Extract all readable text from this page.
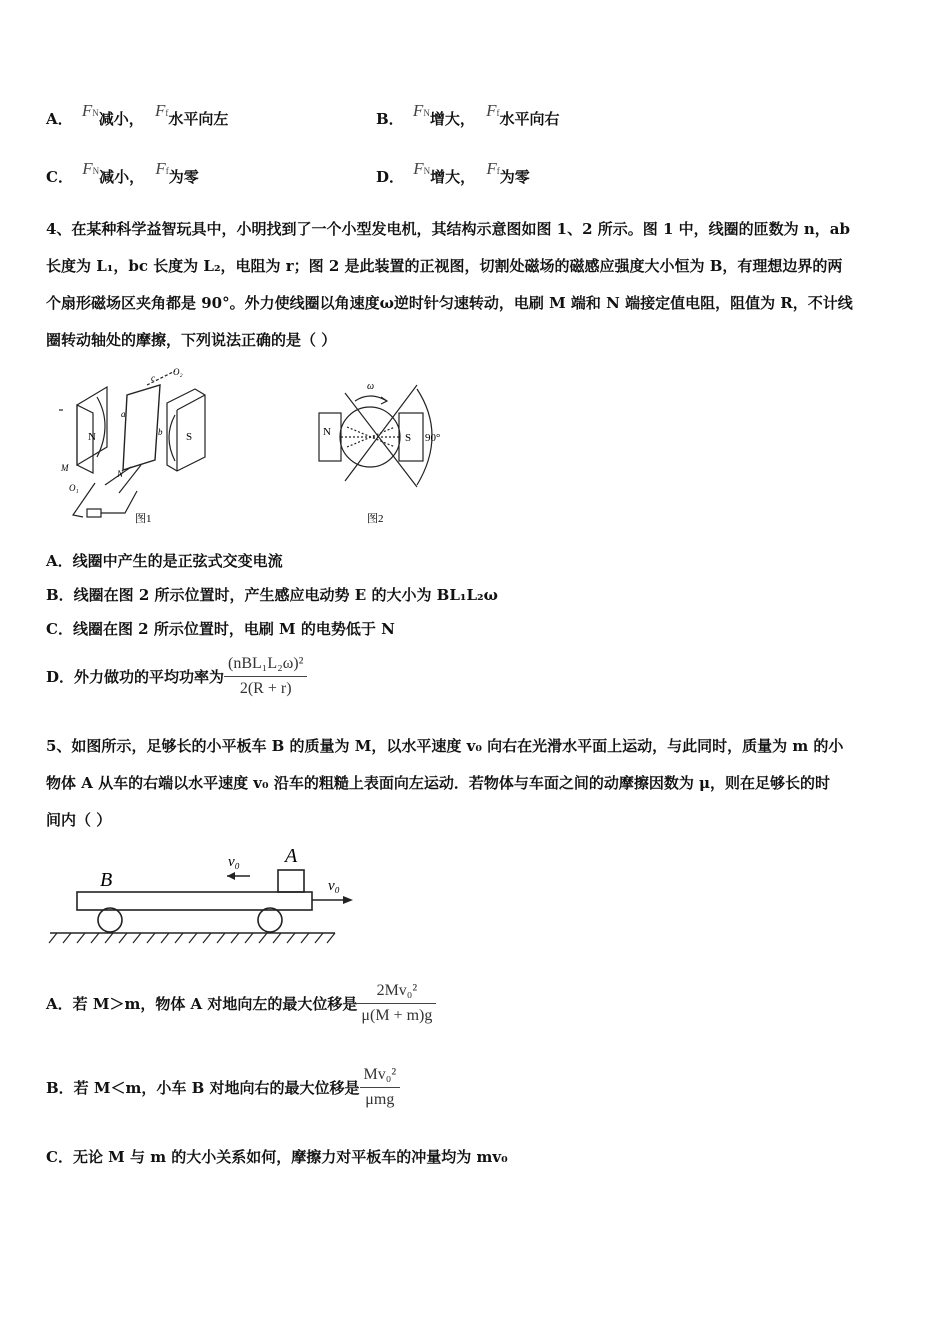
A． FN减小， Ff水平向左	B． FN增大， Ff水平向右
C． FN减小， Ff为零	D． FN增大， Ff为零
4、在某种科学益智玩具中，小明找到了一个小型发电机，其结构示意图如图 1、2 所示。图 1 中，线圈的匝数为 n，ab
长度为 L₁，bc 长度为 L₂，电阻为 r；图 2 是此装置的正视图，切割处磁场的磁感应强度大小恒为 B，有理想边界的两
个扇形磁场区夹角都是 90°。外力使线圈以角速度ω逆时针匀速转动，电刷 M 端和 N 端接定值电阻，阻值为 R，不计线
圈转动轴处的摩擦，下列说法正确的是（ ）
N	S
a
b
c
M
N
O₁
O₂
图1
N	S 90°
ω
图2
A．线圈中产生的是正弦式交变电流
B．线圈在图 2 所示位置时，产生感应电动势 E 的大小为 BL₁L₂ω
C．线圈在图 2 所示位置时，电刷 M 的电势低于 N
D．外力做功的平均功率为 $\frac{\text{(nBL₁L₂ω)²}}{2(R + r)}$
5、如图所示，足够长的小平板车 B 的质量为 M，以水平速度 v₀ 向右在光滑水平面上运动，与此同时，质量为 m 的小
物体 A 从车的右端以水平速度 v₀ 沿车的粗糙上表面向左运动．若物体与车面之间的动摩擦因数为 μ，则在足够长的时
间内（ ）
B
A
v₀
v₀
A．若 M＞m，物体 A 对地向左的最大位移是 $\frac{\text{2Mv₀²}}{\mu(M + m)g}$
B．若 M＜m，小车 B 对地向右的最大位移是 $\frac{\text{Mv₀²}}{\text{μmg}}$
C．无论 M 与 m 的大小关系如何，摩擦力对平板车的冲量均为 mv₀
